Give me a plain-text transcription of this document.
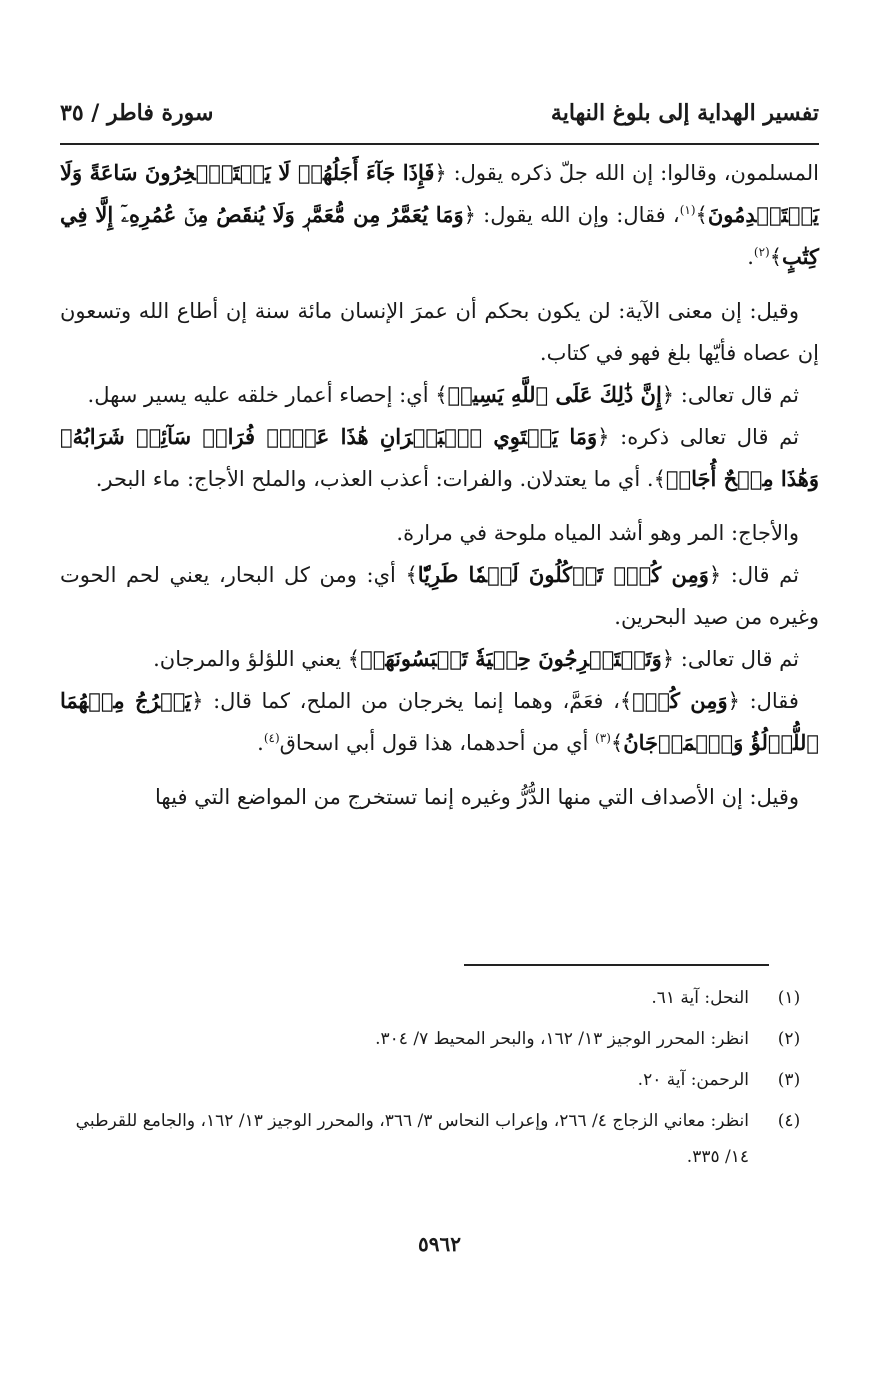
تفسير الهداية إلى بلوغ النهاية
سورة فاطر / ٣٥

المسلمون، وقالوا: إن الله جلّ ذكره يقول: ﴿فَإِذَا جَآءَ أَجَلُهُمۡ لَا يَسۡتَـٔۡخِرُونَ سَاعَةً وَلَا يَسۡتَقۡدِمُونَ﴾$^{(١)}$، فقال: وإن الله يقول: ﴿وَمَا يُعَمَّرُ مِن مُّعَمَّرٖ وَلَا يُنقَصُ مِنۡ عُمُرِهِۦٓ إِلَّا فِي كِتَٰبٍ﴾$^{(٢)}$.

وقيل: إن معنى الآية: لن يكون بحكم أن عمرَ الإنسان مائة سنة إن أطاع الله وتسعون إن عصاه فأيّها بلغ فهو في كتاب.

ثم قال تعالى: ﴿إِنَّ ذَٰلِكَ عَلَى ٱللَّهِ يَسِيرٞ﴾ أي: إحصاء أعمار خلقه عليه يسير سهل.

ثم قال تعالى ذكره: ﴿وَمَا يَسۡتَوِي ٱلۡبَحۡرَانِ هَٰذَا عَذۡبٞ فُرَاتٞ سَآئِغٞ شَرَابُهُۥ وَهَٰذَا مِلۡحٌ أُجَاجٞ﴾. أي ما يعتدلان. والفرات: أعذب العذب، والملح الأجاج: ماء البحر.

والأجاج: المر وهو أشد المياه ملوحة في مرارة.

ثم قال: ﴿وَمِن كُلّٖ تَأۡكُلُونَ لَحۡمٗا طَرِيّٗا﴾ أي: ومن كل البحار، يعني لحم الحوت وغيره من صيد البحرين.

ثم قال تعالى: ﴿وَتَسۡتَخۡرِجُونَ حِلۡيَةٗ تَلۡبَسُونَهَاۖ﴾ يعني اللؤلؤ والمرجان.

فقال: ﴿وَمِن كُلّٖ﴾، فعَمَّ، وهما إنما يخرجان من الملح، كما قال: ﴿يَخۡرُجُ مِنۡهُمَا ٱللُّؤۡلُؤُ وَٱلۡمَرۡجَانُ﴾$^{(٣)}$ أي من أحدهما، هذا قول أبي اسحاق$^{(٤)}$.

وقيل: إن الأصداف التي منها الدُّرُّ وغيره إنما تستخرج من المواضع التي فيها

(١)
النحل: آية ٦١.
(٢)
انظر: المحرر الوجيز ١٣/ ١٦٢، والبحر المحيط ٧/ ٣٠٤.
(٣)
الرحمن: آية ٢٠.
(٤)
انظر: معاني الزجاج ٤/ ٢٦٦، وإعراب النحاس ٣/ ٣٦٦، والمحرر الوجيز ١٣/ ١٦٢، والجامع للقرطبي ١٤/ ٣٣٥.
٥٩٦٢
